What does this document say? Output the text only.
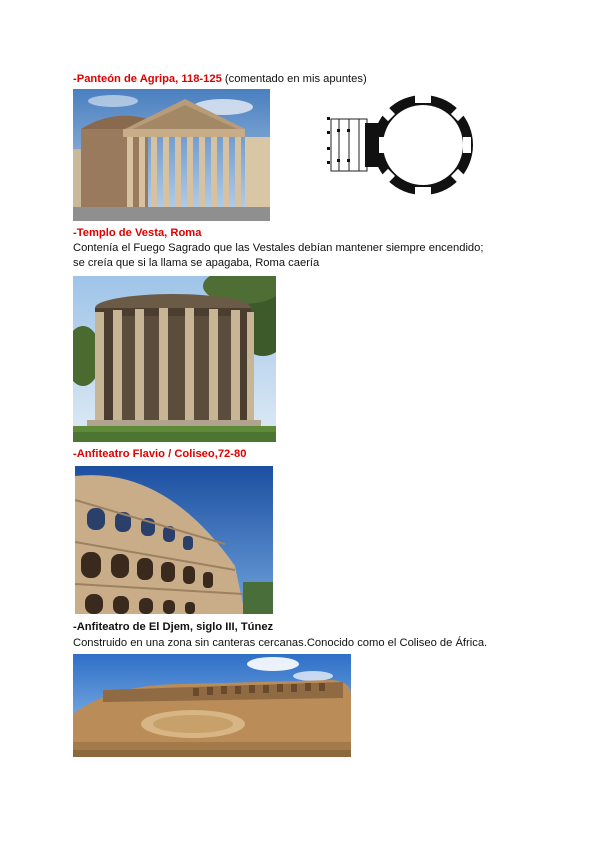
-Panteón de Agripa, 118-125 (comentado en mis apuntes)
-Templo de Vesta, Roma
Contenía el Fuego Sagrado que las Vestales debían mantener siempre encendido;
se creía que si la llama se apagaba, Roma caería
-Anfiteatro Flavio / Coliseo,72-80
-Anfiteatro de El Djem, siglo III, Túnez
Construido en una zona sin canteras cercanas.Conocido como el Coliseo de África.
